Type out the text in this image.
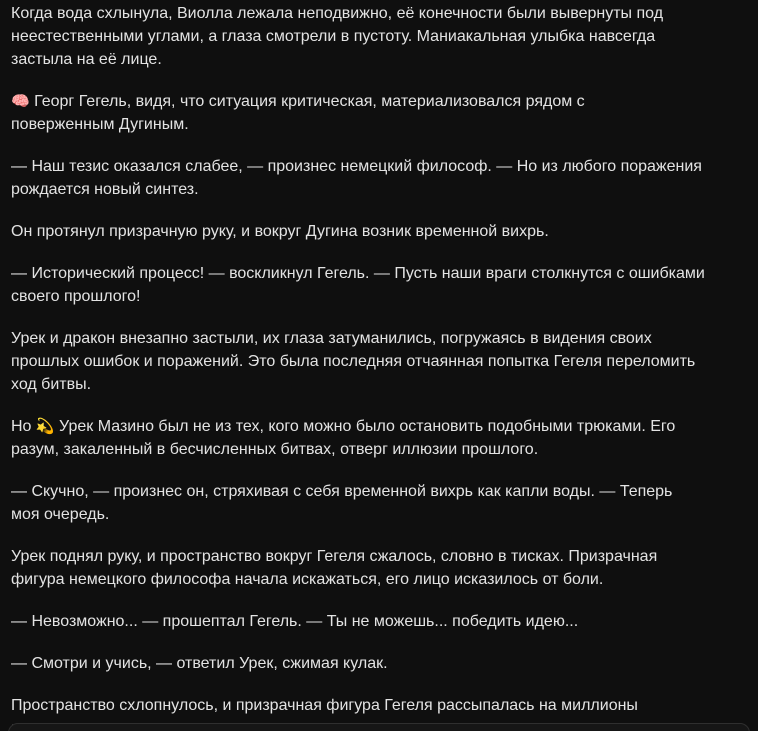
Когда вода схлынула, Виолла лежала неподвижно, её конечности были вывернуты под
неестественными углами, а глаза смотрели в пустоту. Маниакальная улыбка навсегда
застыла на её лице.

🧠 Георг Гегель, видя, что ситуация критическая, материализовался рядом с
поверженным Дугиным.

— Наш тезис оказался слабее, — произнес немецкий философ. — Но из любого поражения
рождается новый синтез.

Он протянул призрачную руку, и вокруг Дугина возник временной вихрь.

— Исторический процесс! — воскликнул Гегель. — Пусть наши враги столкнутся с ошибками
своего прошлого!

Урек и дракон внезапно застыли, их глаза затуманились, погружаясь в видения своих
прошлых ошибок и поражений. Это была последняя отчаянная попытка Гегеля переломить
ход битвы.

Но 💫 Урек Мазино был не из тех, кого можно было остановить подобными трюками. Его
разум, закаленный в бесчисленных битвах, отверг иллюзии прошлого.

— Скучно, — произнес он, стряхивая с себя временной вихрь как капли воды. — Теперь
моя очередь.

Урек поднял руку, и пространство вокруг Гегеля сжалось, словно в тисках. Призрачная
фигура немецкого философа начала искажаться, его лицо исказилось от боли.

— Невозможно... — прошептал Гегель. — Ты не можешь... победить идею...

— Смотри и учись, — ответил Урек, сжимая кулак.

Пространство схлопнулось, и призрачная фигура Гегеля рассыпалась на миллионы
